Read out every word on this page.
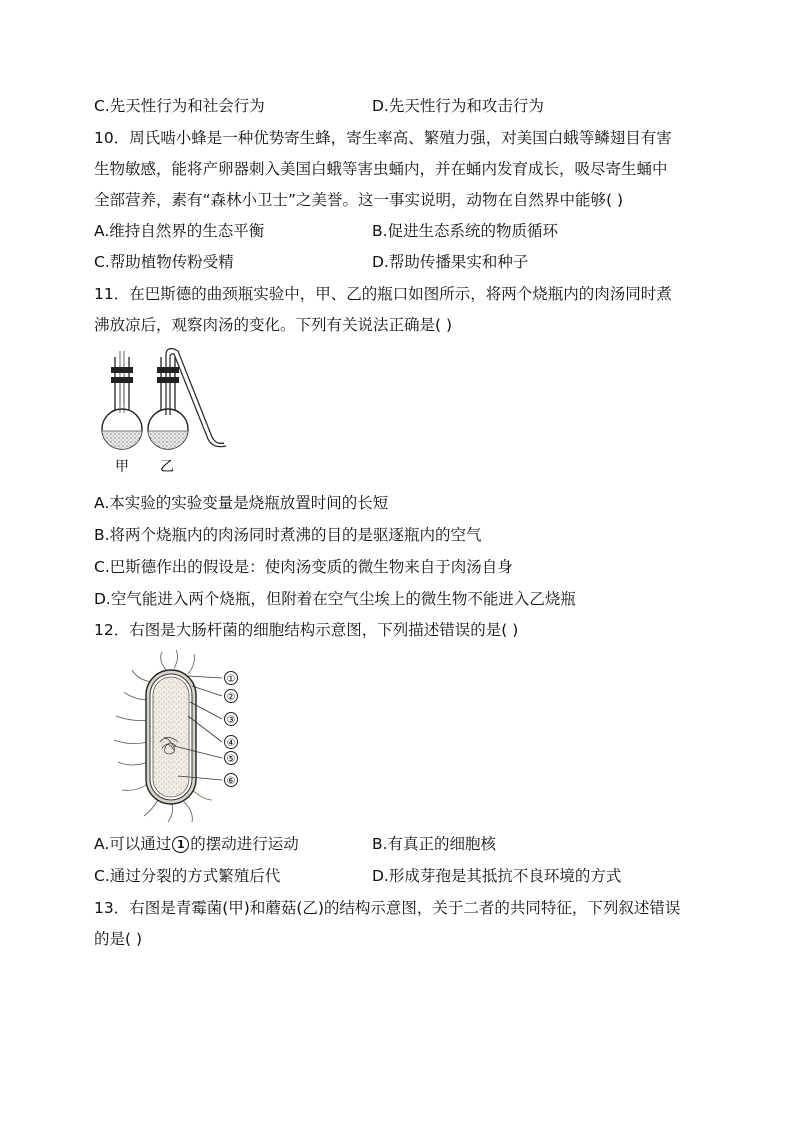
C.先天性行为和社会行为	D.先天性行为和攻击行为
10．周氏啮小蜂是一种优势寄生蜂，寄生率高、繁殖力强，对美国白蛾等鳞翅目有害
生物敏感，能将产卵器刺入美国白蛾等害虫蛹内，并在蛹内发育成长，吸尽寄生蛹中
全部营养，素有“森林小卫士”之美誉。这一事实说明，动物在自然界中能够( )
A.维持自然界的生态平衡	B.促进生态系统的物质循环
C.帮助植物传粉受精	D.帮助传播果实和种子
11．在巴斯德的曲颈瓶实验中，甲、乙的瓶口如图所示，将两个烧瓶内的肉汤同时煮
沸放凉后，观察肉汤的变化。下列有关说法正确是( )
甲 乙
A.本实验的实验变量是烧瓶放置时间的长短
B.将两个烧瓶内的肉汤同时煮沸的目的是驱逐瓶内的空气
C.巴斯德作出的假设是：使肉汤变质的微生物来自于肉汤自身
D.空气能进入两个烧瓶，但附着在空气尘埃上的微生物不能进入乙烧瓶
12．右图是大肠杆菌的细胞结构示意图，下列描述错误的是( )
①
②
③
④
⑤
⑥
A.可以通过 1 的摆动进行运动	B.有真正的细胞核
C.通过分裂的方式繁殖后代	D.形成芽孢是其抵抗不良环境的方式
13．右图是青霉菌(甲)和蘑菇(乙)的结构示意图，关于二者的共同特征，下列叙述错误
的是( )
